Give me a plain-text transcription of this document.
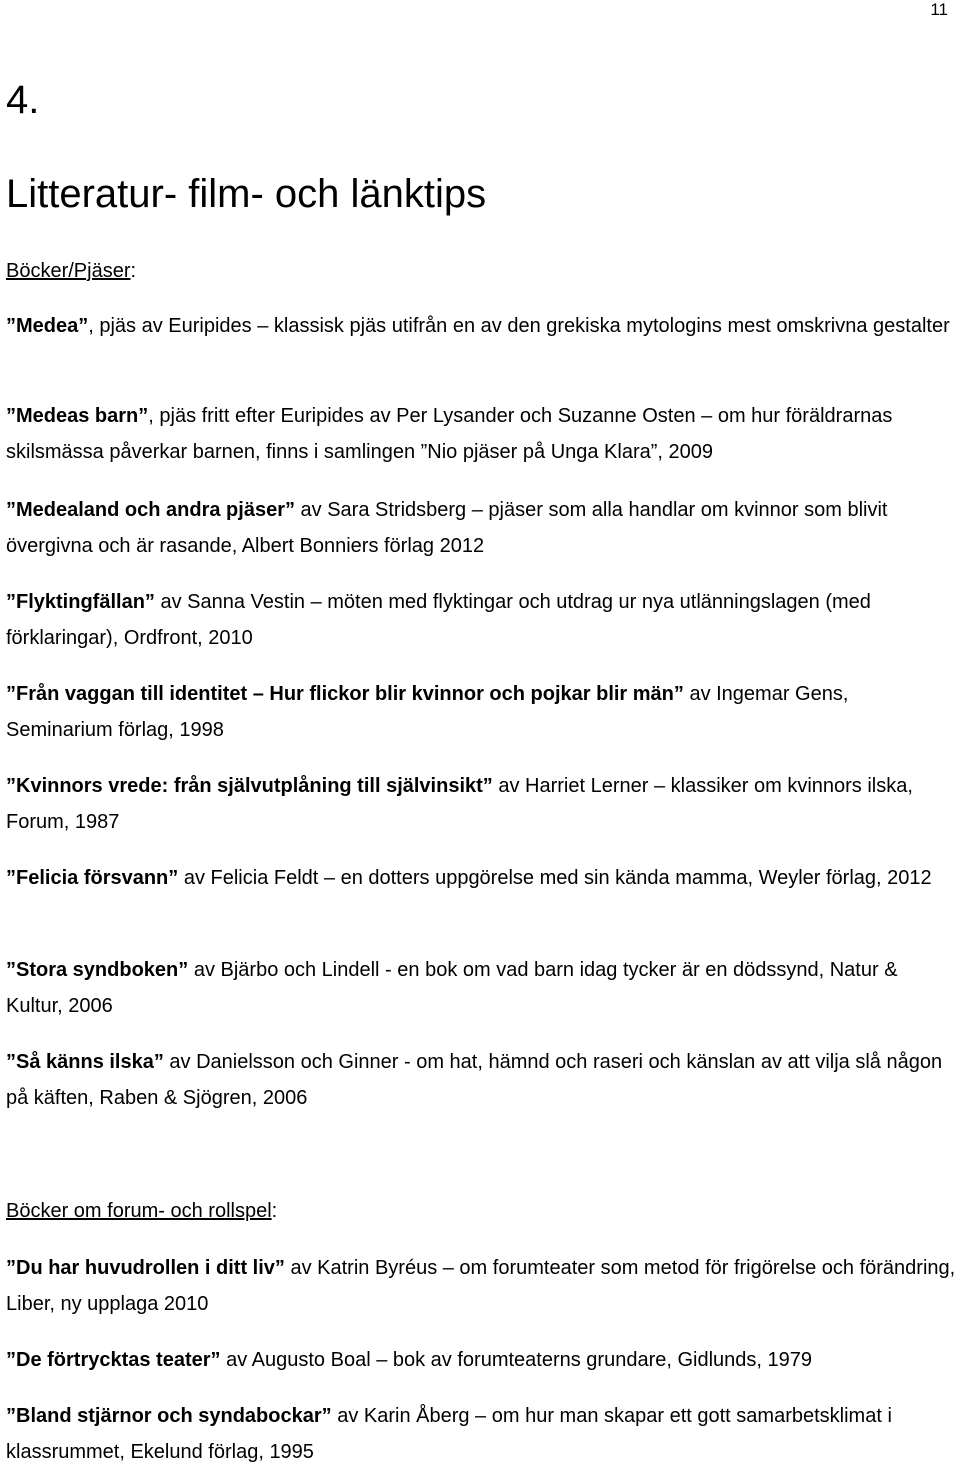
11
4.
Litteratur- film- och länktips
Böcker/Pjäser:
”Medea”, pjäs av Euripides – klassisk pjäs utifrån en av den grekiska mytologins mest omskrivna gestalter
”Medeas barn”, pjäs fritt efter Euripides av Per Lysander och Suzanne Osten – om hur föräldrarnas skilsmässa påverkar barnen, finns i samlingen ”Nio pjäser på Unga Klara”, 2009
”Medealand och andra pjäser” av Sara Stridsberg – pjäser som alla handlar om kvinnor som blivit övergivna och är rasande, Albert Bonniers förlag 2012
”Flyktingfällan” av Sanna Vestin – möten med flyktingar och utdrag ur nya utlänningslagen (med förklaringar), Ordfront, 2010
”Från vaggan till identitet – Hur flickor blir kvinnor och pojkar blir män” av Ingemar Gens, Seminarium förlag, 1998
”Kvinnors vrede: från självutplåning till självinsikt” av Harriet Lerner – klassiker om kvinnors ilska, Forum, 1987
”Felicia försvann” av Felicia Feldt – en dotters uppgörelse med sin kända mamma, Weyler förlag, 2012
”Stora syndboken” av Bjärbo och Lindell - en bok om vad barn idag tycker är en dödssynd, Natur & Kultur, 2006
”Så känns ilska” av Danielsson och Ginner - om hat, hämnd och raseri och känslan av att vilja slå någon på käften, Raben & Sjögren, 2006
Böcker om forum- och rollspel:
”Du har huvudrollen i ditt liv” av Katrin Byréus – om forumteater som metod för frigörelse och förändring, Liber, ny upplaga 2010
”De förtrycktas teater” av Augusto Boal – bok av forumteaterns grundare, Gidlunds, 1979
”Bland stjärnor och syndabockar” av Karin Åberg – om hur man skapar ett gott samarbetsklimat i klassrummet, Ekelund förlag, 1995
